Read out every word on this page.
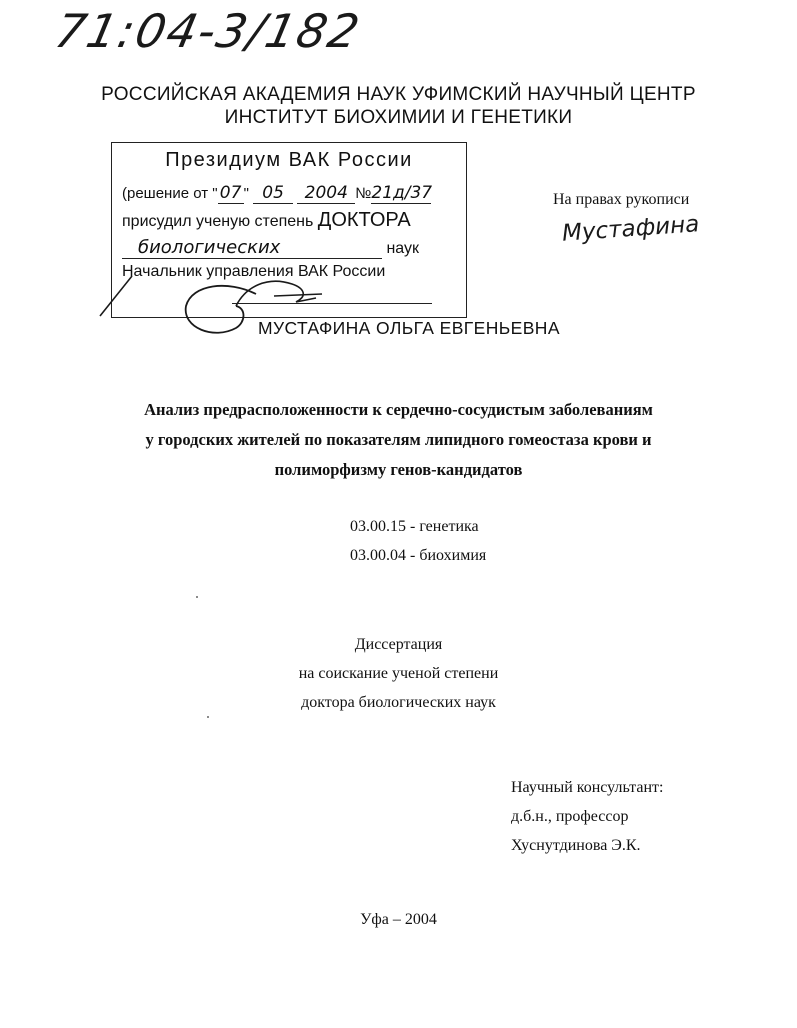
71:04-3/182
РОССИЙСКАЯ АКАДЕМИЯ НАУК УФИМСКИЙ НАУЧНЫЙ ЦЕНТР
ИНСТИТУТ БИОХИМИИ И ГЕНЕТИКИ
Президиум ВАК России
(решение от " 07 " 05 2004 №21д/37
присудил ученую степень ДОКТОРА
биологических	наук
Начальник управления ВАК России
На правах рукописи
Мустафина
МУСТАФИНА ОЛЬГА ЕВГЕНЬЕВНА
Анализ предрасположенности к сердечно-сосудистым заболеваниям
у городских жителей по показателям липидного гомеостаза крови и
полиморфизму генов-кандидатов
03.00.15 - генетика
03.00.04 - биохимия
Диссертация
на соискание ученой степени
доктора биологических наук
Научный консультант:
д.б.н., профессор
Хуснутдинова Э.К.
Уфа – 2004
